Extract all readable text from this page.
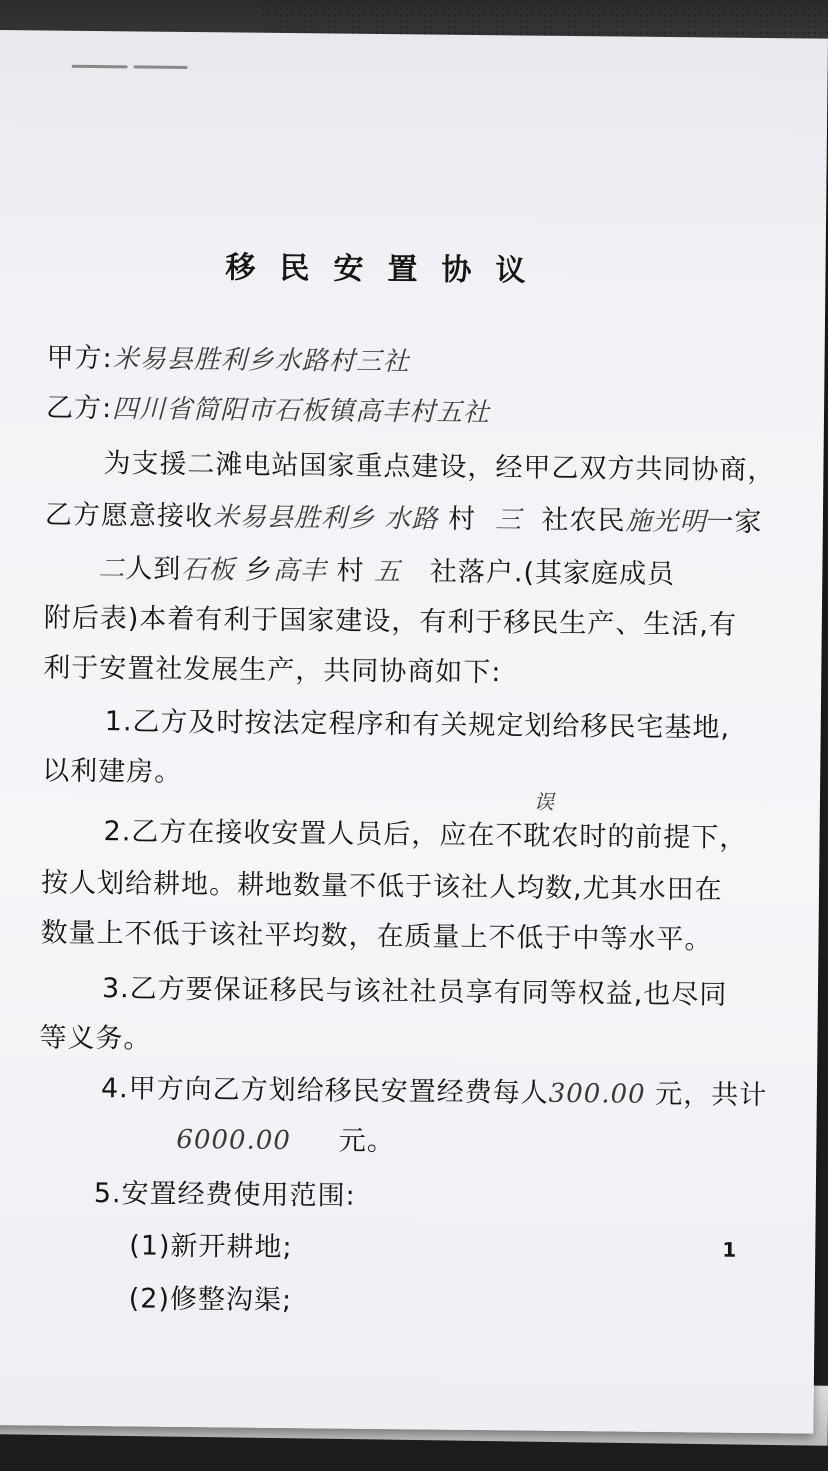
移民安置协议
甲方:米易县胜利乡水路村三社
乙方:四川省简阳市石板镇高丰村五社
为支援二滩电站国家重点建设，经甲乙双方共同协商，
乙方愿意接收米易县胜利乡 水路 村 三 社农民施光明一家
二人到石板 乡高丰 村 五 社落户.(其家庭成员
附后表)本着有利于国家建设，有利于移民生产、生活,有
利于安置社发展生产，共同协商如下:
1.乙方及时按法定程序和有关规定划给移民宅基地,
以利建房。
误
2.乙方在接收安置人员后，应在不耽农时的前提下，
按人划给耕地。耕地数量不低于该社人均数,尤其水田在
数量上不低于该社平均数，在质量上不低于中等水平。
3.乙方要保证移民与该社社员享有同等权益,也尽同
等义务。
4.甲方向乙方划给移民安置经费每人300.00 元，共计
6000.00 元。
5.安置经费使用范围:
(1)新开耕地;
(2)修整沟渠;
1
